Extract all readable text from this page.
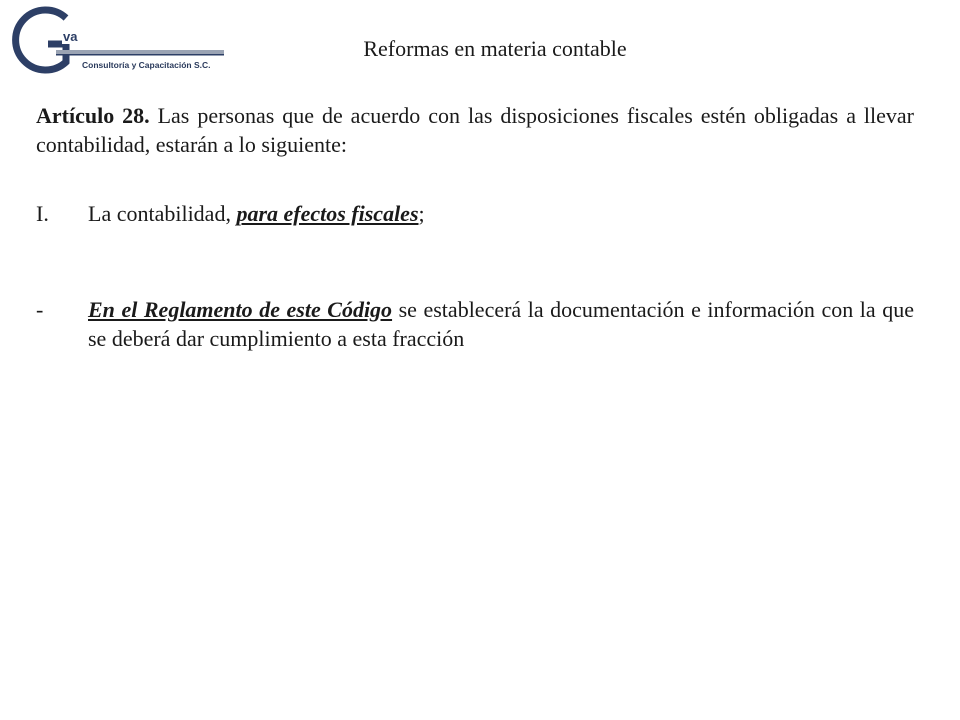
va
Consultoría y Capacitación S.C.
Reformas en materia contable
Artículo 28. Las personas que de acuerdo con las disposiciones fiscales estén obligadas a llevar contabilidad, estarán a lo siguiente:
I.	La contabilidad, para efectos fiscales;
-	En el Reglamento de este Código se establecerá la documentación e información con la que se deberá dar cumplimiento a esta fracción
